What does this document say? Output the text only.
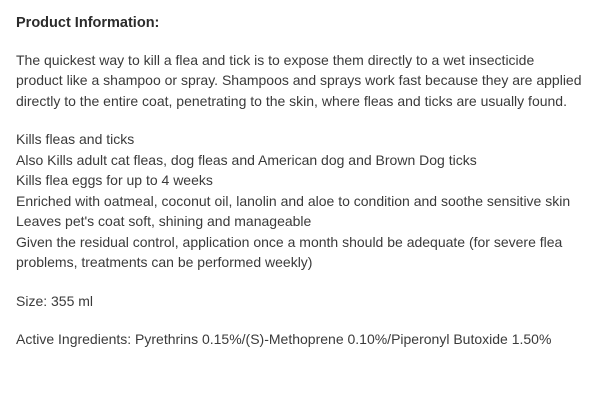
Product Information:

The quickest way to kill a flea and tick is to expose them directly to a wet insecticide product like a shampoo or spray. Shampoos and sprays work fast because they are applied directly to the entire coat, penetrating to the skin, where fleas and ticks are usually found.

Kills fleas and ticks
Also Kills adult cat fleas, dog fleas and American dog and Brown Dog ticks
Kills flea eggs for up to 4 weeks
Enriched with oatmeal, coconut oil, lanolin and aloe to condition and soothe sensitive skin
Leaves pet's coat soft, shining and manageable
Given the residual control, application once a month should be adequate (for severe flea problems, treatments can be performed weekly)

Size: 355 ml

Active Ingredients: Pyrethrins 0.15%/(S)-Methoprene 0.10%/Piperonyl Butoxide 1.50%
